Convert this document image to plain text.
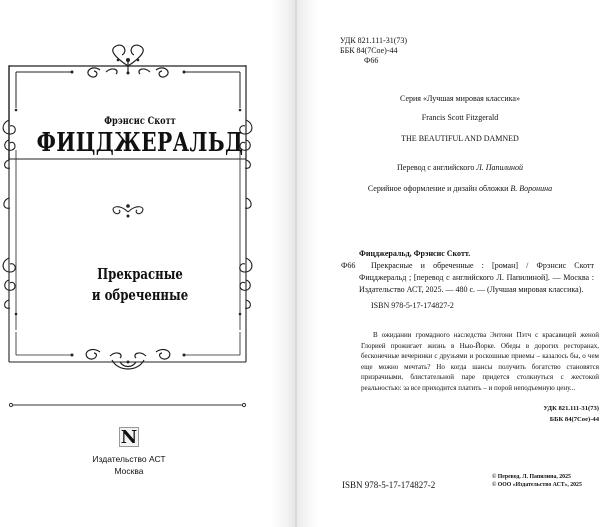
Фрэнсис Скотт
ФИЦДЖЕРАЛЬД
Прекрасные
и обреченные
N
Издательство АСТ
Москва
УДК 821.111-31(73)
ББК 84(7Сое)-44
Ф66
Серия «Лучшая мировая классика»
Francis Scott Fitzgerald
THE BEAUTIFUL AND DAMNED
Перевод с английского Л. Папилиной
Серийное оформление и дизайн обложки В. Воронина
Фицджеральд, Фрэнсис Скотт.
Ф66	Прекрасные и обреченные : [роман] / Фрэнсис Скотт Фицджеральд ; [перевод с английского Л. Папилиной]. — Москва : Издательство АСТ, 2025. — 480 с. — (Лучшая мировая классика).
ISBN 978-5-17-174827-2
В ожидании громадного наследства Энтони Пэтч с красавицей женой Глорией прожигает жизнь в Нью-Йорке. Обеды в дорогих ресторанах, бесконечные вечеринки с друзьями и роскошные приемы – казалось бы, о чем еще можно мечтать? Но когда шансы получить богатство становятся призрачными, блистательной паре придется столкнуться с жестокой реальностью: за все приходится платить – и порой неподъемную цену...
УДК 821.111-31(73)
ББК 84(7Сое)-44
ISBN 978-5-17-174827-2
© Перевод. Л. Папилина, 2025
© ООО «Издательство АСТ», 2025
